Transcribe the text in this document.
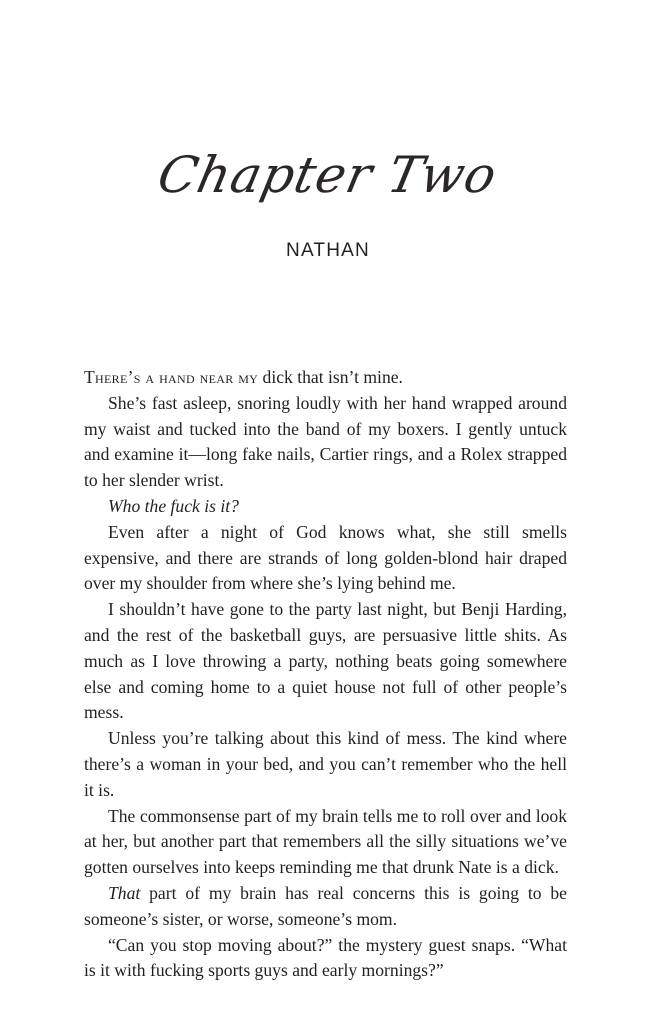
Chapter Two
NATHAN

There’s a hand near my dick that isn’t mine.

She’s fast asleep, snoring loudly with her hand wrapped around my waist and tucked into the band of my boxers. I gently untuck and examine it—long fake nails, Cartier rings, and a Rolex strapped to her slender wrist.

Who the fuck is it?

Even after a night of God knows what, she still smells expensive, and there are strands of long golden-blond hair draped over my shoulder from where she’s lying behind me.

I shouldn’t have gone to the party last night, but Benji Harding, and the rest of the basketball guys, are persuasive little shits. As much as I love throwing a party, nothing beats going somewhere else and coming home to a quiet house not full of other people’s mess.

Unless you’re talking about this kind of mess. The kind where there’s a woman in your bed, and you can’t remember who the hell it is.

The commonsense part of my brain tells me to roll over and look at her, but another part that remembers all the silly situations we’ve gotten ourselves into keeps reminding me that drunk Nate is a dick.

That part of my brain has real concerns this is going to be someone’s sister, or worse, someone’s mom.

“Can you stop moving about?” the mystery guest snaps. “What is it with fucking sports guys and early mornings?”
